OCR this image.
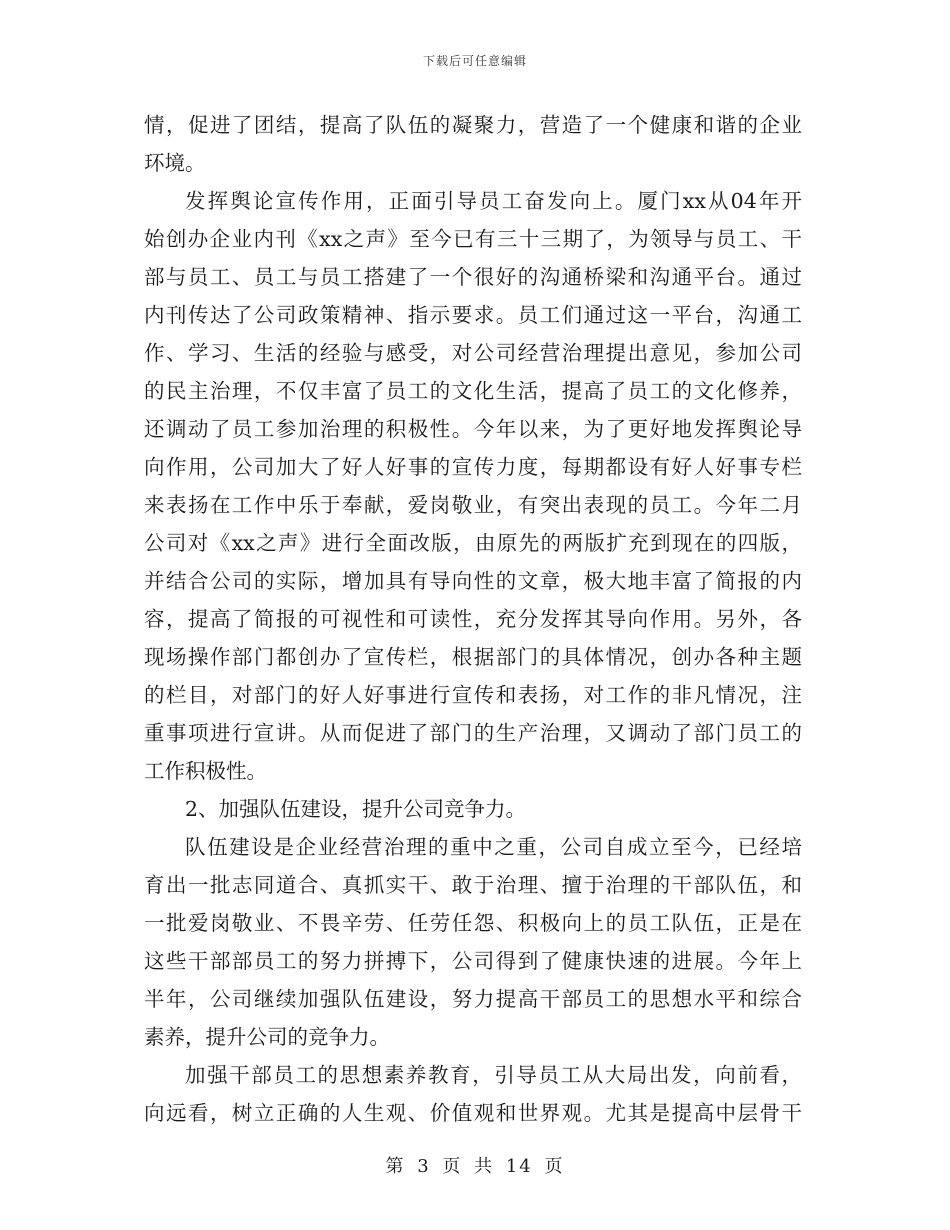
下载后可任意编辑
情，促进了团结，提高了队伍的凝聚力，营造了一个健康和谐的企业
环境。
发挥舆论宣传作用，正面引导员工奋发向上。厦门xx从04年开
始创办企业内刊《xx之声》至今已有三十三期了，为领导与员工、干
部与员工、员工与员工搭建了一个很好的沟通桥梁和沟通平台。通过
内刊传达了公司政策精神、指示要求。员工们通过这一平台，沟通工
作、学习、生活的经验与感受，对公司经营治理提出意见，参加公司
的民主治理，不仅丰富了员工的文化生活，提高了员工的文化修养，
还调动了员工参加治理的积极性。今年以来，为了更好地发挥舆论导
向作用，公司加大了好人好事的宣传力度，每期都设有好人好事专栏
来表扬在工作中乐于奉献，爱岗敬业，有突出表现的员工。今年二月
公司对《xx之声》进行全面改版，由原先的两版扩充到现在的四版，
并结合公司的实际，增加具有导向性的文章，极大地丰富了简报的内
容，提高了简报的可视性和可读性，充分发挥其导向作用。另外，各
现场操作部门都创办了宣传栏，根据部门的具体情况，创办各种主题
的栏目，对部门的好人好事进行宣传和表扬，对工作的非凡情况，注
重事项进行宣讲。从而促进了部门的生产治理，又调动了部门员工的
工作积极性。
2、加强队伍建设，提升公司竞争力。
队伍建设是企业经营治理的重中之重，公司自成立至今，已经培
育出一批志同道合、真抓实干、敢于治理、擅于治理的干部队伍，和
一批爱岗敬业、不畏辛劳、任劳任怨、积极向上的员工队伍，正是在
这些干部部员工的努力拼搏下，公司得到了健康快速的进展。今年上
半年，公司继续加强队伍建设，努力提高干部员工的思想水平和综合
素养，提升公司的竞争力。
加强干部员工的思想素养教育，引导员工从大局出发，向前看，
向远看，树立正确的人生观、价值观和世界观。尤其是提高中层骨干
第 3 页 共 14 页
